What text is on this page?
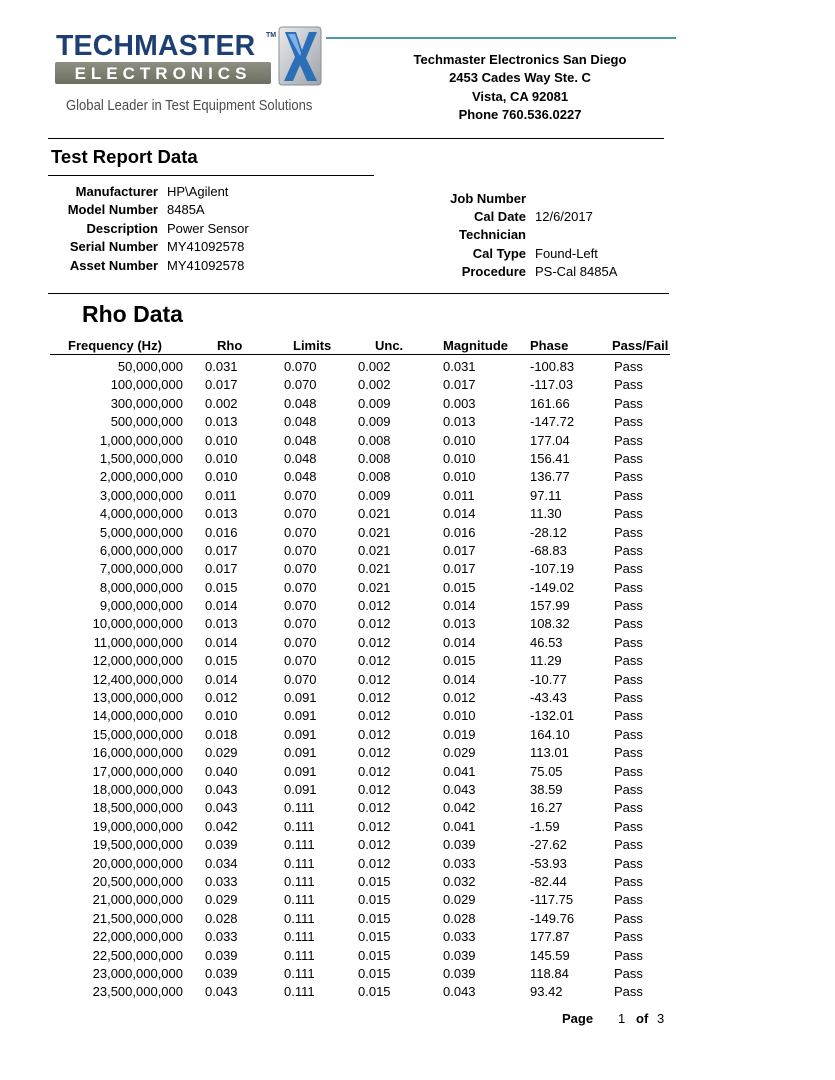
TECHMASTER TM
ELECTRONICS
Global Leader in Test Equipment Solutions
Techmaster Electronics San Diego
2453 Cades Way Ste. C
Vista, CA 92081
Phone 760.536.0227
Test Report Data
Manufacturer HP\Agilent
Model Number 8485A
Description Power Sensor
Serial Number MY41092578
Asset Number MY41092578
Job Number
Cal Date 12/6/2017
Technician
Cal Type Found-Left
Procedure PS-Cal 8485A
Rho Data
Frequency (Hz)	Rho	Limits	Unc.	Magnitude Phase	Pass/Fail
50,000,000 0.031	0.070	0.002	0.031	-100.83	Pass
100,000,000 0.017	0.070	0.002	0.017	-117.03	Pass
300,000,000 0.002	0.048	0.009	0.003	161.66	Pass
500,000,000 0.013	0.048	0.009	0.013	-147.72	Pass
1,000,000,000 0.010	0.048	0.008	0.010	177.04	Pass
1,500,000,000 0.010	0.048	0.008	0.010	156.41	Pass
2,000,000,000 0.010	0.048	0.008	0.010	136.77	Pass
3,000,000,000 0.011	0.070	0.009	0.011	97.11	Pass
4,000,000,000 0.013	0.070	0.021	0.014	11.30	Pass
5,000,000,000 0.016	0.070	0.021	0.016	-28.12	Pass
6,000,000,000 0.017	0.070	0.021	0.017	-68.83	Pass
7,000,000,000 0.017	0.070	0.021	0.017	-107.19	Pass
8,000,000,000 0.015	0.070	0.021	0.015	-149.02	Pass
9,000,000,000 0.014	0.070	0.012	0.014	157.99	Pass
10,000,000,000 0.013	0.070	0.012	0.013	108.32	Pass
11,000,000,000 0.014	0.070	0.012	0.014	46.53	Pass
12,000,000,000 0.015	0.070	0.012	0.015	11.29	Pass
12,400,000,000 0.014	0.070	0.012	0.014	-10.77	Pass
13,000,000,000 0.012	0.091	0.012	0.012	-43.43	Pass
14,000,000,000 0.010	0.091	0.012	0.010	-132.01	Pass
15,000,000,000 0.018	0.091	0.012	0.019	164.10	Pass
16,000,000,000 0.029	0.091	0.012	0.029	113.01	Pass
17,000,000,000 0.040	0.091	0.012	0.041	75.05	Pass
18,000,000,000 0.043	0.091	0.012	0.043	38.59	Pass
18,500,000,000 0.043	0.111	0.012	0.042	16.27	Pass
19,000,000,000 0.042	0.111	0.012	0.041	-1.59	Pass
19,500,000,000 0.039	0.111	0.012	0.039	-27.62	Pass
20,000,000,000 0.034	0.111	0.012	0.033	-53.93	Pass
20,500,000,000 0.033	0.111	0.015	0.032	-82.44	Pass
21,000,000,000 0.029	0.111	0.015	0.029	-117.75	Pass
21,500,000,000 0.028	0.111	0.015	0.028	-149.76	Pass
22,000,000,000 0.033	0.111	0.015	0.033	177.87	Pass
22,500,000,000 0.039	0.111	0.015	0.039	145.59	Pass
23,000,000,000 0.039	0.111	0.015	0.039	118.84	Pass
23,500,000,000 0.043	0.111	0.015	0.043	93.42	Pass
Page 1 of 3
